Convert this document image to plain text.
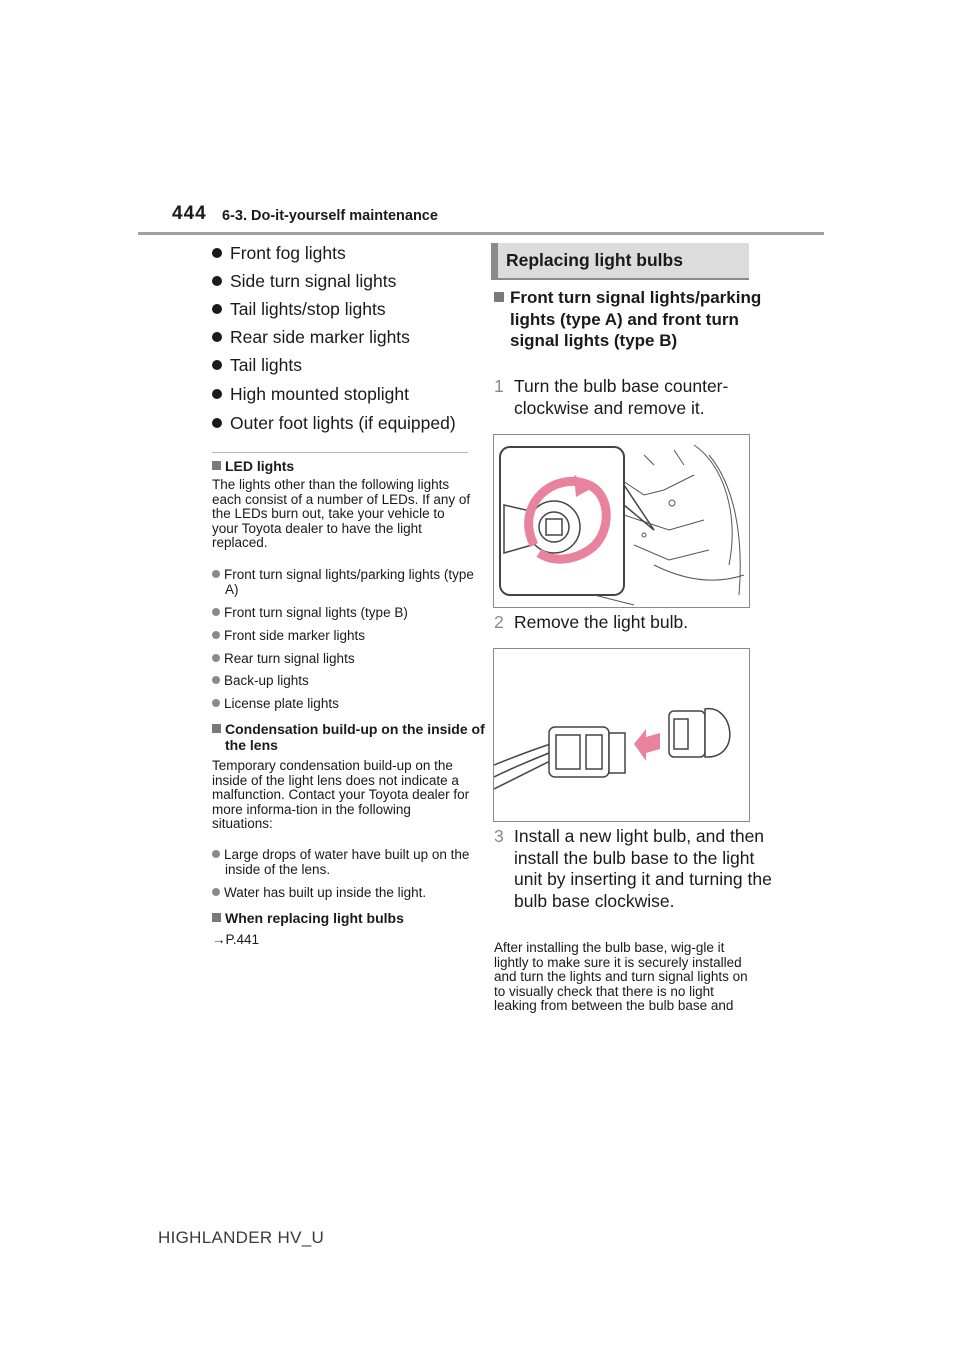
444 6-3. Do-it-yourself maintenance
Front fog lights
Side turn signal lights
Tail lights/stop lights
Rear side marker lights
Tail lights
High mounted stoplight
Outer foot lights (if equipped)
LED lights
The lights other than the following lights each consist of a number of LEDs. If any of the LEDs burn out, take your vehicle to your Toyota dealer to have the light replaced.
Front turn signal lights/parking lights (type A)
Front turn signal lights (type B)
Front side marker lights
Rear turn signal lights
Back-up lights
License plate lights
Condensation build-up on the inside of the lens
Temporary condensation build-up on the inside of the light lens does not indicate a malfunction. Contact your Toyota dealer for more informa-tion in the following situations:
Large drops of water have built up on the inside of the lens.
Water has built up inside the light.
When replacing light bulbs
→P.441
Replacing light bulbs
Front turn signal lights/parking lights (type A) and front turn signal lights (type B)
1 Turn the bulb base counter-clockwise and remove it.
2 Remove the light bulb.
3 Install a new light bulb, and then install the bulb base to the light unit by inserting it and turning the bulb base clockwise.
After installing the bulb base, wig-gle it lightly to make sure it is securely installed and turn the lights and turn signal lights on to visually check that there is no light leaking from between the bulb base and
HIGHLANDER HV_U
